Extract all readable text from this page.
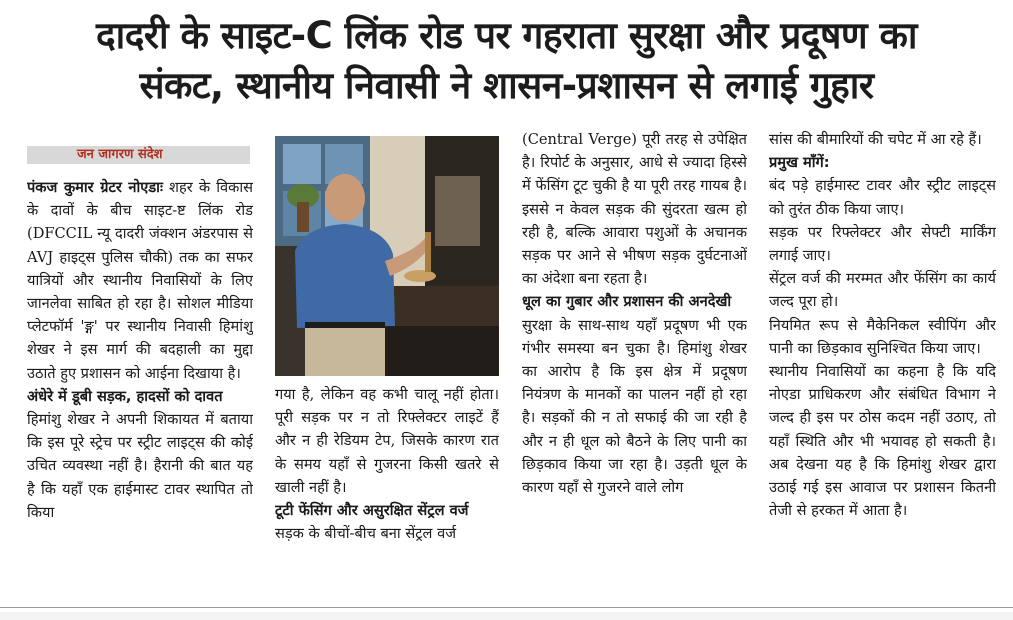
दादरी के साइट-C लिंक रोड पर गहराता सुरक्षा और प्रदूषण का
संकट, स्थानीय निवासी ने शासन-प्रशासन से लगाई गुहार
जन जागरण संदेश

पंकज कुमार ग्रेटर नोएडाः शहर के विकास के दावों के बीच साइट-ष्ट लिंक रोड (DFCCIL न्यू दादरी जंक्शन अंडरपास से AVJ हाइट्स पुलिस चौकी) तक का सफर यात्रियों और स्थानीय निवासियों के लिए जानलेवा साबित हो रहा है। सोशल मीडिया प्लेटफॉर्म 'ङ्ग' पर स्थानीय निवासी हिमांशु शेखर ने इस मार्ग की बदहाली का मुद्दा उठाते हुए प्रशासन को आईना दिखाया है।

अंधेरे में डूबी सड़क, हादसों को दावत

हिमांशु शेखर ने अपनी शिकायत में बताया कि इस पूरे स्ट्रेच पर स्ट्रीट लाइट्स की कोई उचित व्यवस्था नहीं है। हैरानी की बात यह है कि यहाँ एक हाईमास्ट टावर स्थापित तो किया

गया है, लेकिन वह कभी चालू नहीं होता। पूरी सड़क पर न तो रिफ्लेक्टर लाइटें हैं और न ही रेडियम टेप, जिसके कारण रात के समय यहाँ से गुजरना किसी खतरे से खाली नहीं है।

टूटी फेंसिंग और असुरक्षित सेंट्रल वर्ज

सड़क के बीचों-बीच बना सेंट्रल वर्ज

(Central Verge) पूरी तरह से उपेक्षित है। रिपोर्ट के अनुसार, आधे से ज्यादा हिस्से में फेंसिंग टूट चुकी है या पूरी तरह गायब है। इससे न केवल सड़क की सुंदरता खत्म हो रही है, बल्कि आवारा पशुओं के अचानक सड़क पर आने से भीषण सड़क दुर्घटनाओं का अंदेशा बना रहता है।

धूल का गुबार और प्रशासन की अनदेखी

सुरक्षा के साथ-साथ यहाँ प्रदूषण भी एक गंभीर समस्या बन चुका है। हिमांशु शेखर का आरोप है कि इस क्षेत्र में प्रदूषण नियंत्रण के मानकों का पालन नहीं हो रहा है। सड़कों की न तो सफाई की जा रही है और न ही धूल को बैठने के लिए पानी का छिड़काव किया जा रहा है। उड़ती धूल के कारण यहाँ से गुजरने वाले लोग

सांस की बीमारियों की चपेट में आ रहे हैं।

प्रमुख माँगें:

बंद पड़े हाईमास्ट टावर और स्ट्रीट लाइट्स को तुरंत ठीक किया जाए।

सड़क पर रिफ्लेक्टर और सेफ्टी मार्किंग लगाई जाए।

सेंट्रल वर्ज की मरम्मत और फेंसिंग का कार्य जल्द पूरा हो।

नियमित रूप से मैकेनिकल स्वीपिंग और पानी का छिड़काव सुनिश्चित किया जाए।

स्थानीय निवासियों का कहना है कि यदि नोएडा प्राधिकरण और संबंधित विभाग ने जल्द ही इस पर ठोस कदम नहीं उठाए, तो यहाँ स्थिति और भी भयावह हो सकती है। अब देखना यह है कि हिमांशु शेखर द्वारा उठाई गई इस आवाज पर प्रशासन कितनी तेजी से हरकत में आता है।
